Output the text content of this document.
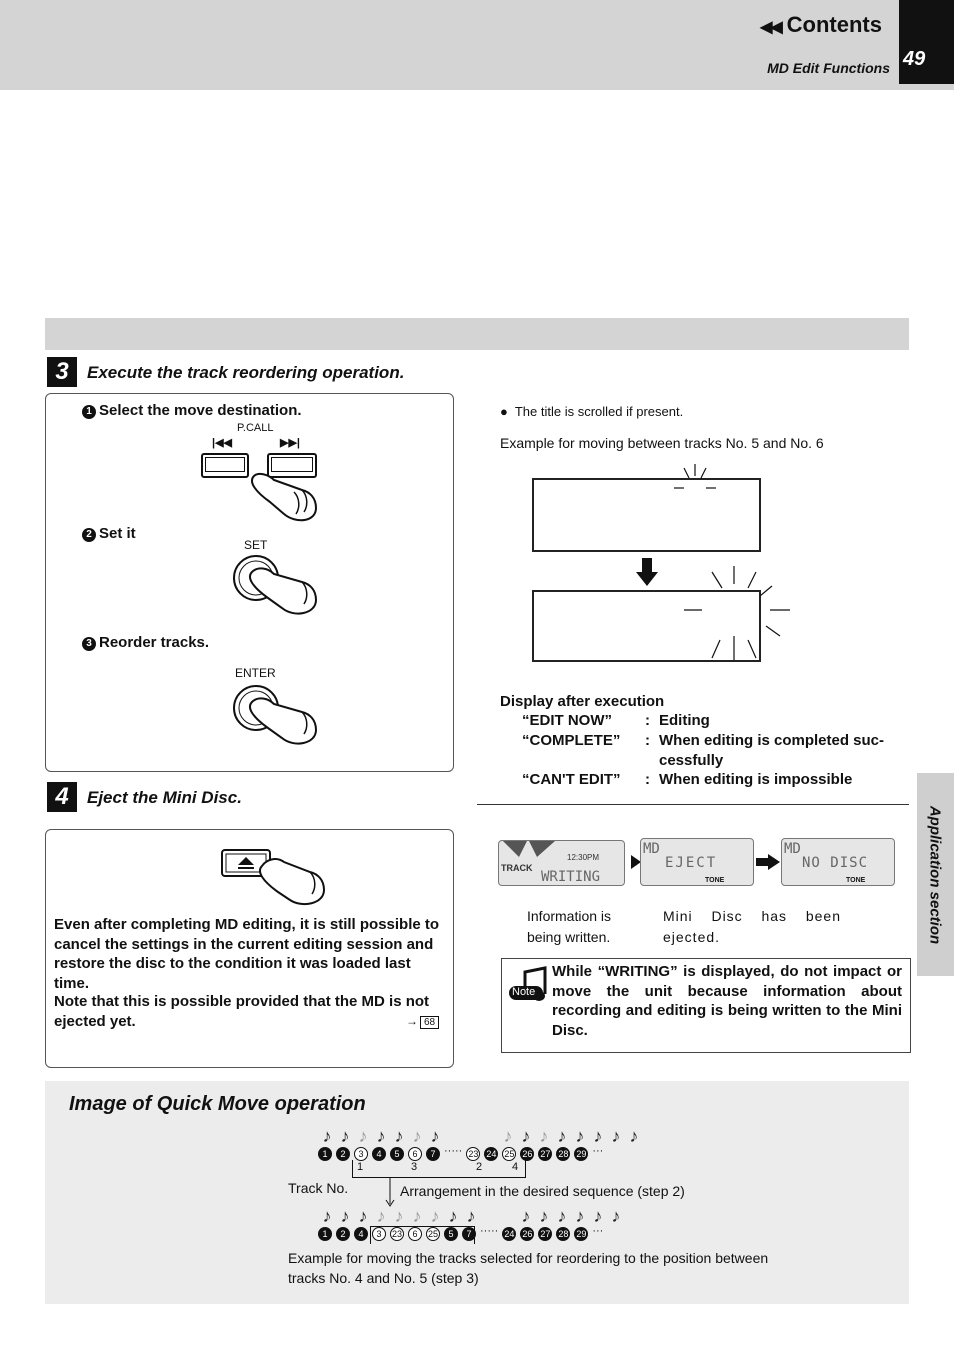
◀◀ Contents
MD Edit Functions 49
3	Execute the track reordering operation.
1 Select the move destination.
P.CALL
|◀◀	▶▶|
2 Set it
SET
3 Reorder tracks.
ENTER
●  The title is scrolled if present.
Example for moving between tracks No. 5 and No. 6

Display after execution
“EDIT NOW”	: Editing
“COMPLETE”	: When editing is completed suc-
cessfully
“CAN'T EDIT”	: When editing is impossible
Application section
4	Eject the Mini Disc.
Even after completing MD editing, it is still possible to cancel the settings in the current editing session and restore the disc to the condition it was loaded last time.
Note that this is possible provided that the MD is not ejected yet.	→ 68
TRACK
12:30PM
WRITING
MD
EJECT
TONE
MD
NO DISC
TONE
Information is being written.
Mini Disc has been ejected.
Note
While “WRITING” is displayed, do not impact or move the unit because information about recording and editing is being written to the Mini Disc.
Image of Quick Move operation
♪ ♪ ♪ ♪ ♪ ♪ ♪	♪ ♪ ♪ ♪ ♪ ♪ ♪ ♪
1 2 3 4 5 6 7 ····· 23 24 25 26 27 28 29 ···
1	3	2	4
Track No.	Arrangement in the desired sequence (step 2)
♪ ♪ ♪ ♪ ♪ ♪ ♪ ♪ ♪	♪ ♪ ♪ ♪ ♪ ♪
1 2 4 3 23 6 25 5 7 ····· 24 26 27 28 29 ···
Example for moving the tracks selected for reordering to the position between tracks No. 4 and No. 5 (step 3)
